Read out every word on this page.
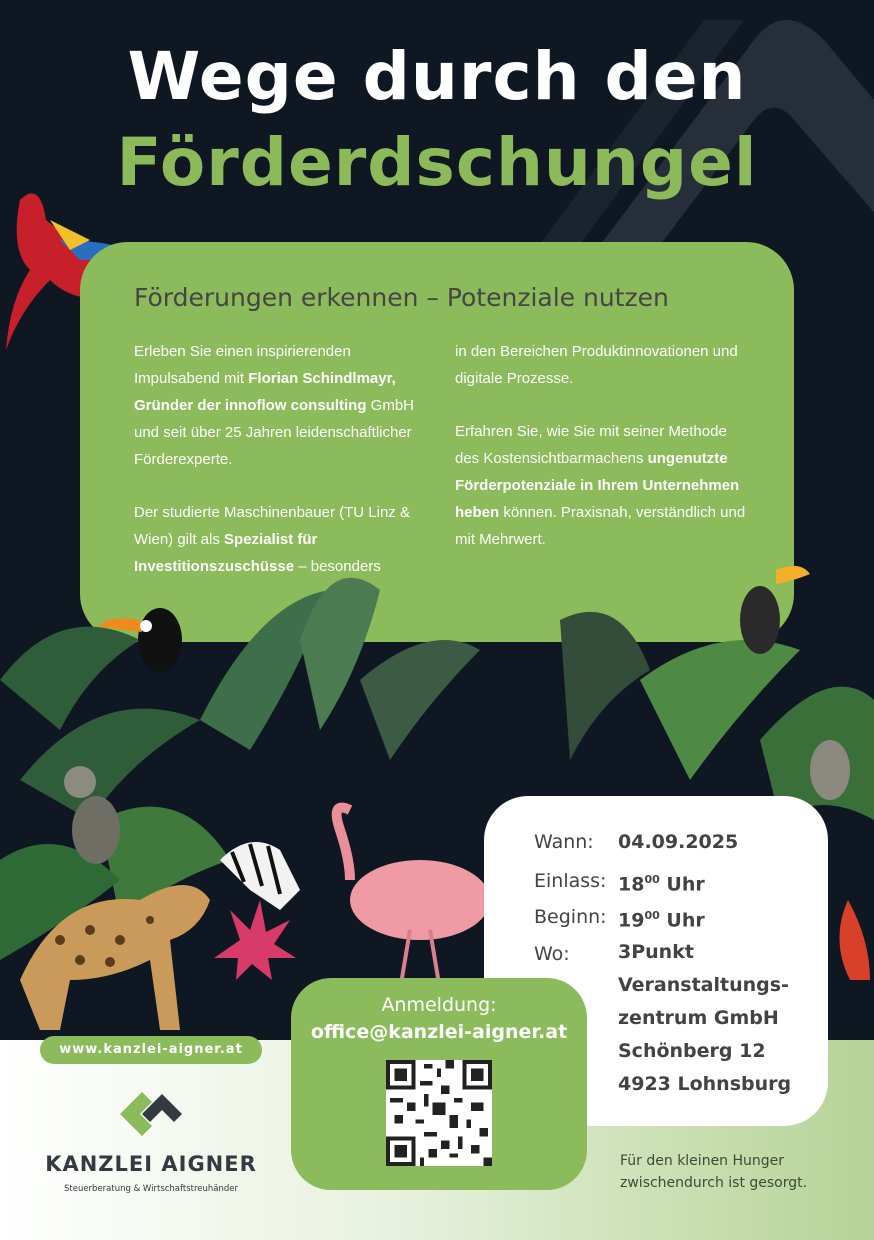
Wege durch den
Förderdschungel
Förderungen erkennen – Potenziale nutzen

Erleben Sie einen inspirierenden Impulsabend mit Florian Schindlmayr, Gründer der innoflow consulting GmbH und seit über 25 Jahren leidenschaftlicher Förderexperte.

Der studierte Maschinenbauer (TU Linz & Wien) gilt als Spezialist für Investitionszuschüsse – besonders

in den Bereichen Produktinnovationen und digitale Prozesse.

Erfahren Sie, wie Sie mit seiner Methode des Kostensichtbarmachens ungenutzte Förderpotenziale in Ihrem Unternehmen heben können. Praxisnah, verständlich und mit Mehrwert.

www.kanzlei-aigner.at
KANZLEI AIGNER
Steuerberatung & Wirtschaftstreuhänder
Wann: 04.09.2025
Einlass: $18^{00}$ Uhr
Beginn: $19^{00}$ Uhr
Wo:	3Punkt
Veranstaltungs-
zentrum GmbH
Schönberg 12
4923 Lohnsburg
Anmeldung:
office@kanzlei-aigner.at
Für den kleinen Hunger zwischendurch ist gesorgt.
